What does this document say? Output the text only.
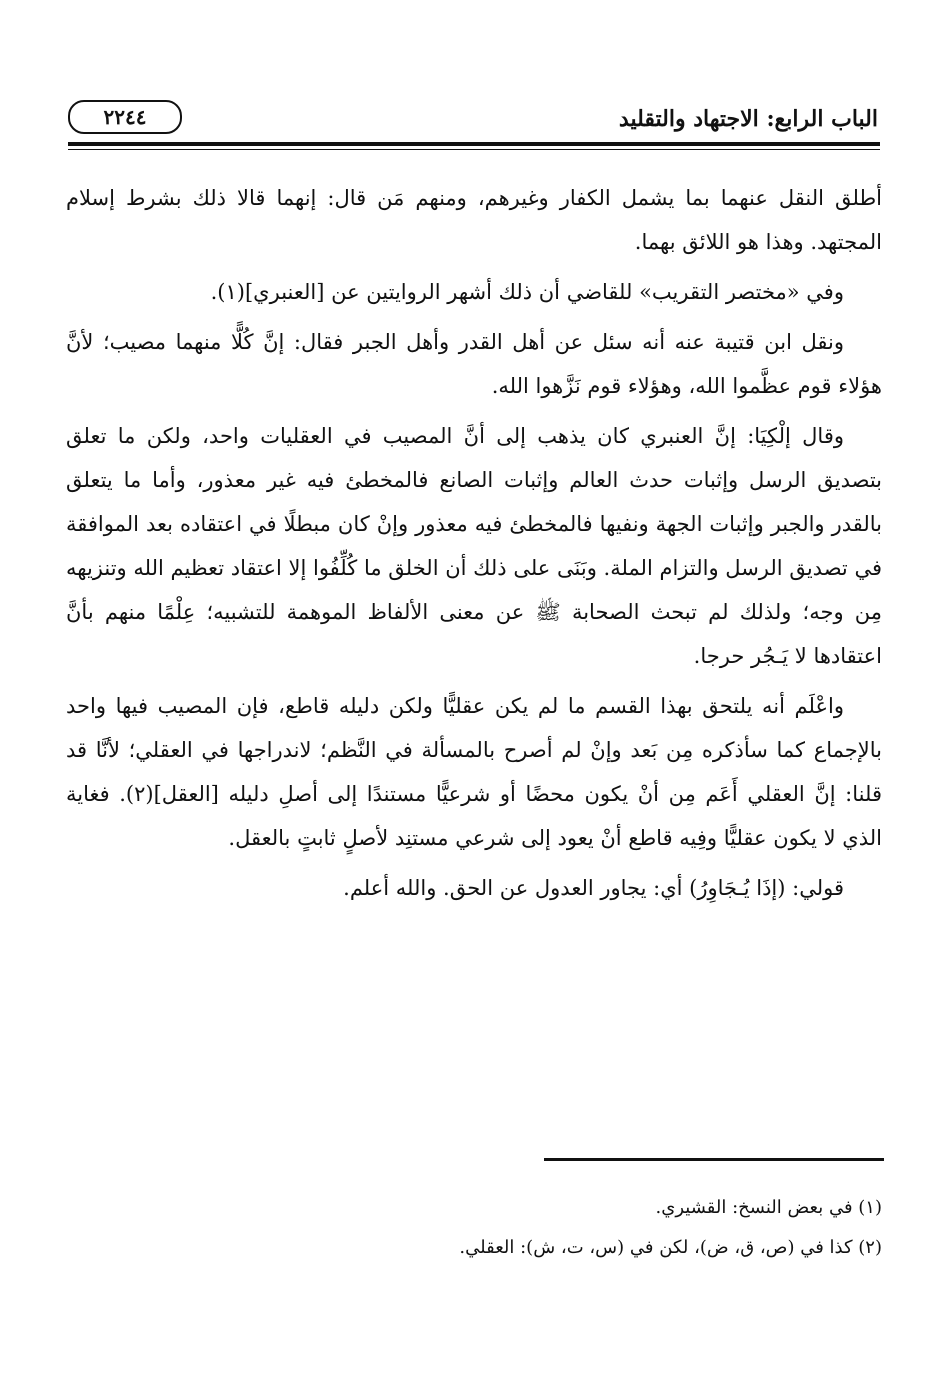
الباب الرابع: الاجتهاد والتقليد
٢٢٤٤

أطلق النقل عنهما بما يشمل الكفار وغيرهم، ومنهم مَن قال: إنهما قالا ذلك بشرط إسلام المجتهد. وهذا هو اللائق بهما.

وفي «مختصر التقريب» للقاضي أن ذلك أشهر الروايتين عن [العنبري](١).

ونقل ابن قتيبة عنه أنه سئل عن أهل القدر وأهل الجبر فقال: إنَّ كُلًّا منهما مصيب؛ لأنَّ هؤلاء قوم عظَّموا الله، وهؤلاء قوم نَزَّهوا الله.

وقال إلْكِيَا: إنَّ العنبري كان يذهب إلى أنَّ المصيب في العقليات واحد، ولكن ما تعلق بتصديق الرسل وإثبات حدث العالم وإثبات الصانع فالمخطئ فيه غير معذور، وأما ما يتعلق بالقدر والجبر وإثبات الجهة ونفيها فالمخطئ فيه معذور وإنْ كان مبطلًا في اعتقاده بعد الموافقة في تصديق الرسل والتزام الملة. وبَنَى على ذلك أن الخلق ما كُلِّفُوا إلا اعتقاد تعظيم الله وتنزيهه مِن وجه؛ ولذلك لم تبحث الصحابة ﷺ عن معنى الألفاظ الموهمة للتشبيه؛ عِلْمًا منهم بأنَّ اعتقادها لا يَـجُر حرجا.

واعْلَم أنه يلتحق بهذا القسم ما لم يكن عقليًّا ولكن دليله قاطع، فإن المصيب فيها واحد بالإجماع كما سأذكره مِن بَعد وإنْ لم أصرح بالمسألة في النَّظم؛ لاندراجها في العقلي؛ لأنَّا قد قلنا: إنَّ العقلي أَعَم مِن أنْ يكون محضًا أو شرعيًّا مستندًا إلى أصلِ دليله [العقل](٢). فغاية الذي لا يكون عقليًّا وفِيه قاطع أنْ يعود إلى شرعي مستنِد لأصلٍ ثابتٍ بالعقل.

قولي: (إذَا يُـجَاوِرُ) أي: يجاور العدول عن الحق. والله أعلم.

(١) في بعض النسخ: القشيري.

(٢) كذا في (ص، ق، ض)، لكن في (س، ت، ش): العقلي.
